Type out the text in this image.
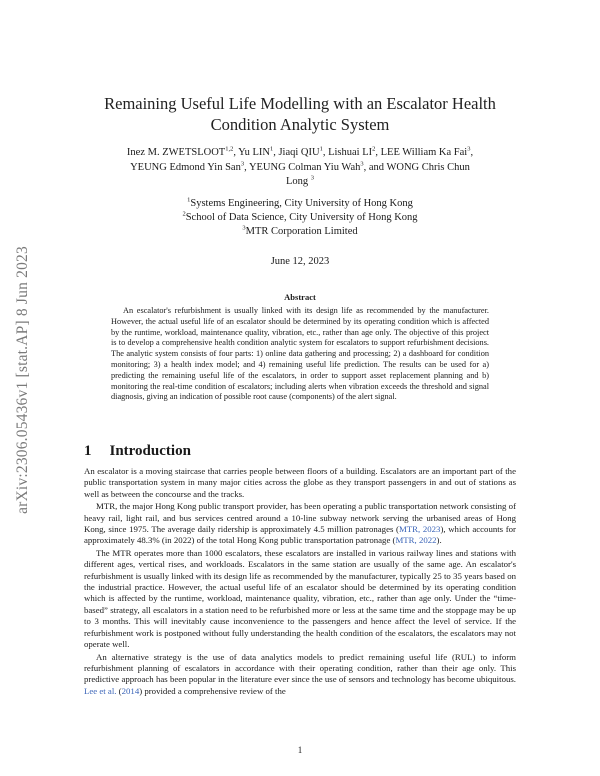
arXiv:2306.05436v1 [stat.AP] 8 Jun 2023
Remaining Useful Life Modelling with an Escalator Health Condition Analytic System
Inez M. ZWETSLOOT$^{1,2}$, Yu LIN$^1$, Jiaqi QIU$^1$, Lishuai $LI^2$, LEE William Ka Fai$^3$,
YEUNG Edmond Yin San$^3$, YEUNG Colman Yiu Wah$^3$, and WONG Chris Chun
Long $^3$
$^1$Systems Engineering, City University of Hong Kong
$^2$School of Data Science, City University of Hong Kong
$^3$MTR Corporation Limited
June 12, 2023
Abstract
An escalator's refurbishment is usually linked with its design life as recommended by the manufacturer. However, the actual useful life of an escalator should be determined by its operating condition which is affected by the runtime, workload, maintenance quality, vibration, etc., rather than age only. The objective of this project is to develop a comprehensive health condition analytic system for escalators to support refurbishment decisions. The analytic system consists of four parts: 1) online data gathering and processing; 2) a dashboard for condition monitoring; 3) a health index model; and 4) remaining useful life prediction. The results can be used for a) predicting the remaining useful life of the escalators, in order to support asset replacement planning and b) monitoring the real-time condition of escalators; including alerts when vibration exceeds the threshold and signal diagnosis, giving an indication of possible root cause (components) of the alert signal.
1 Introduction

An escalator is a moving staircase that carries people between floors of a building. Escalators are an important part of the public transportation system in many major cities across the globe as they transport passengers in and out of stations as well as between the concourse and the tracks.

MTR, the major Hong Kong public transport provider, has been operating a public transportation network consisting of heavy rail, light rail, and bus services centred around a 10-line subway network serving the urbanised areas of Hong Kong, since 1975. The average daily ridership is approximately 4.5 million patronages (MTR, 2023), which accounts for approximately 48.3% (in 2022) of the total Hong Kong public transportation patronage (MTR, 2022).

The MTR operates more than 1000 escalators, these escalators are installed in various railway lines and stations with different ages, vertical rises, and workloads. Escalators in the same station are usually of the same age. An escalator's refurbishment is usually linked with its design life as recommended by the manufacturer, typically 25 to 35 years based on the industrial practice. However, the actual useful life of an escalator should be determined by its operating condition which is affected by the runtime, workload, maintenance quality, vibration, etc., rather than age only. Under the “time-based” strategy, all escalators in a station need to be refurbished more or less at the same time and the stoppage may be up to 3 months. This will inevitably cause inconvenience to the passengers and hence affect the level of service. If the refurbishment work is postponed without fully understanding the health condition of the escalators, the escalators may not operate well.

An alternative strategy is the use of data analytics models to predict remaining useful life (RUL) to inform refurbishment planning of escalators in accordance with their operating condition, rather than their age only. This predictive approach has been popular in the literature ever since the use of sensors and technology has become ubiquitous. Lee et al. (2014) provided a comprehensive review of the

1
